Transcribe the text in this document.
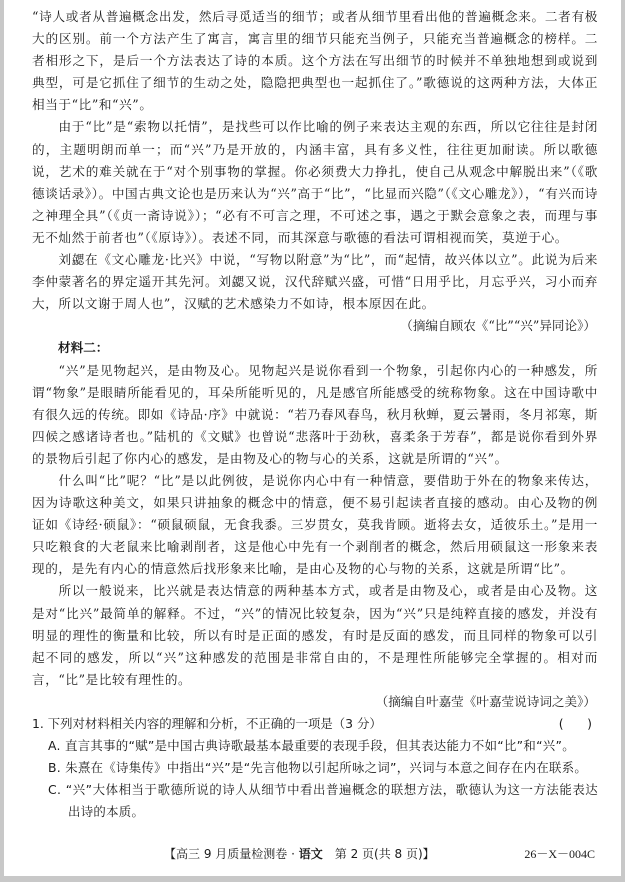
“诗人或者从普遍概念出发，然后寻觅适当的细节；或者从细节里看出他的普遍概念来。二者有极大的区别。前一个方法产生了寓言，寓言里的细节只能充当例子，只能充当普遍概念的榜样。二者相形之下，是后一个方法表达了诗的本质。这个方法在写出细节的时候并不单独地想到或说到典型，可是它抓住了细节的生动之处，隐隐把典型也一起抓住了。”歌德说的这两种方法，大体正相当于“比”和“兴”。

由于“比”是“索物以托情”，是找些可以作比喻的例子来表达主观的东西，所以它往往是封闭的，主题明朗而单一；而“兴”乃是开放的，内涵丰富，具有多义性，往往更加耐读。所以歌德说，艺术的难关就在于“对个别事物的掌握。你必须费大力挣扎，使自己从观念中解脱出来”（《歌德谈话录》）。中国古典文论也是历来认为“兴”高于“比”，“比显而兴隐”（《文心雕龙》），“有兴而诗之神理全具”（《贞一斋诗说》）；“必有不可言之理，不可述之事，遇之于默会意象之表，而理与事无不灿然于前者也”（《原诗》）。表述不同，而其深意与歌德的看法可谓相视而笑，莫逆于心。

刘勰在《文心雕龙·比兴》中说，“写物以附意”为“比”，而“起情，故兴体以立”。此说为后来李仲蒙著名的界定遥开其先河。刘勰又说，汉代辞赋兴盛，可惜“日用乎比，月忘乎兴，习小而弃大，所以文谢于周人也”，汉赋的艺术感染力不如诗，根本原因在此。

（摘编自顾农《“比”“兴”异同论》）

材料二：

“兴”是见物起兴，是由物及心。见物起兴是说你看到一个物象，引起你内心的一种感发，所谓“物象”是眼睛所能看见的，耳朵所能听见的，凡是感官所能感受的统称物象。这在中国诗歌中有很久远的传统。即如《诗品·序》中就说：“若乃春风春鸟，秋月秋蝉，夏云暑雨，冬月祁寒，斯四候之感诸诗者也。”陆机的《文赋》也曾说“悲落叶于劲秋，喜柔条于芳春”，都是说你看到外界的景物后引起了你内心的感发，是由物及心的物与心的关系，这就是所谓的“兴”。

什么叫“比”呢？“比”是以此例彼，是说你内心中有一种情意，要借助于外在的物象来传达，因为诗歌这种美文，如果只讲抽象的概念中的情意，便不易引起读者直接的感动。由心及物的例证如《诗经·硕鼠》：“硕鼠硕鼠，无食我黍。三岁贯女，莫我肯顾。逝将去女，适彼乐土。”是用一只吃粮食的大老鼠来比喻剥削者，这是他心中先有一个剥削者的概念，然后用硕鼠这一形象来表现的，是先有内心的情意然后找形象来比喻，是由心及物的心与物的关系，这就是所谓“比”。

所以一般说来，比兴就是表达情意的两种基本方式，或者是由物及心，或者是由心及物。这是对“比兴”最简单的解释。不过，“兴”的情况比较复杂，因为“兴”只是纯粹直接的感发，并没有明显的理性的衡量和比较，所以有时是正面的感发，有时是反面的感发，而且同样的物象可以引起不同的感发，所以“兴”这种感发的范围是非常自由的，不是理性所能够完全掌握的。相对而言，“比”是比较有理性的。

（摘编自叶嘉莹《叶嘉莹说诗词之美》）

1. 下列对材料相关内容的理解和分析，不正确的一项是（3 分）	(      )

A. 直言其事的“赋”是中国古典诗歌最基本最重要的表现手段，但其表达能力不如“比”和“兴”。

B. 朱熹在《诗集传》中指出“兴”是“先言他物以引起所咏之词”，兴词与本意之间存在内在联系。

C. “兴”大体相当于歌德所说的诗人从细节中看出普遍概念的联想方法，歌德认为这一方法能表达出诗的本质。

【高三 9 月质量检测卷 · 语文　第 2 页(共 8 页)】	26－X－004C
